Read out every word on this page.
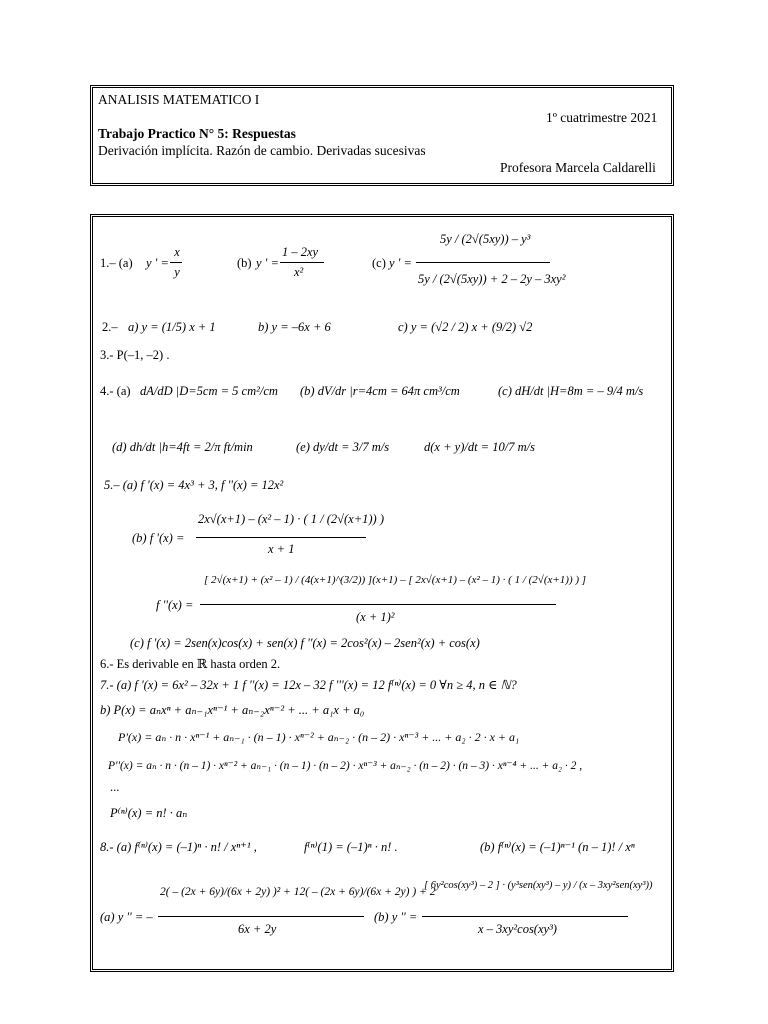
ANALISIS MATEMATICO I
1º cuatrimestre 2021
Trabajo Practico N° 5: Respuestas
Derivación implícita. Razón de cambio. Derivadas sucesivas
Profesora Marcela Caldarelli
1.– (a) y ' =
x
y
(b) y ' =
1 – 2xy
x²
(c) y ' =
5y / (2√(5xy)) – y³
5y / (2√(5xy)) + 2 – 2y – 3xy²
2.– a) y = (1/5) x + 1	b) y = –6x + 6	c) y = (√2 / 2) x + (9/2) √2
3.- P(–1, –2) .
4.- (a) dA/dD |D=5cm = 5 cm²/cm (b) dV/dr |r=4cm = 64π cm³/cm	(c) dH/dt |H=8m = – 9/4 m/s
(d) dh/dt |h=4ft = 2/π ft/min	(e) dy/dt = 3/7 m/s	d(x + y)/dt = 10/7 m/s
5.– (a) f '(x) = 4x³ + 3, f ''(x) = 12x²
(b) f '(x) =
2x√(x+1) – (x² – 1) · ( 1 / (2√(x+1)) )
x + 1
f ''(x) =
[ 2√(x+1) + (x² – 1) / (4(x+1)^(3/2)) ](x+1) – [ 2x√(x+1) – (x² – 1) · ( 1 / (2√(x+1)) ) ]
(x + 1)²
(c) f '(x) = 2sen(x)cos(x) + sen(x) f ''(x) = 2cos²(x) – 2sen²(x) + cos(x)
6.- Es derivable en ℝ hasta orden 2.
7.- (a) f '(x) = 6x² – 32x + 1 f ''(x) = 12x – 32 f '''(x) = 12 f⁽ⁿ⁾(x) = 0 ∀n ≥ 4, n ∈ ℕ?
b) P(x) = aₙxⁿ + aₙ₋₁xⁿ⁻¹ + aₙ₋₂xⁿ⁻² + ... + a₁x + a₀
P'(x) = aₙ · n · xⁿ⁻¹ + aₙ₋₁ · (n – 1) · xⁿ⁻² + aₙ₋₂ · (n – 2) · xⁿ⁻³ + ... + a₂ · 2 · x + a₁
P''(x) = aₙ · n · (n – 1) · xⁿ⁻² + aₙ₋₁ · (n – 1) · (n – 2) · xⁿ⁻³ + aₙ₋₂ · (n – 2) · (n – 3) · xⁿ⁻⁴ + ... + a₂ · 2 ,
...
P⁽ⁿ⁾(x) = n! · aₙ
8.- (a) f⁽ⁿ⁾(x) = (–1)ⁿ · n! / xⁿ⁺¹ ,	f⁽ⁿ⁾(1) = (–1)ⁿ · n! .	(b) f⁽ⁿ⁾(x) = (–1)ⁿ⁻¹ (n – 1)! / xⁿ
(a) y '' = –
2( – (2x + 6y)/(6x + 2y) )² + 12( – (2x + 6y)/(6x + 2y) ) + 2
6x + 2y
(b) y '' =
[ 6y²cos(xy³) – 2 ] · (y³sen(xy³) – y) / (x – 3xy²sen(xy³))
x – 3xy²cos(xy³)
